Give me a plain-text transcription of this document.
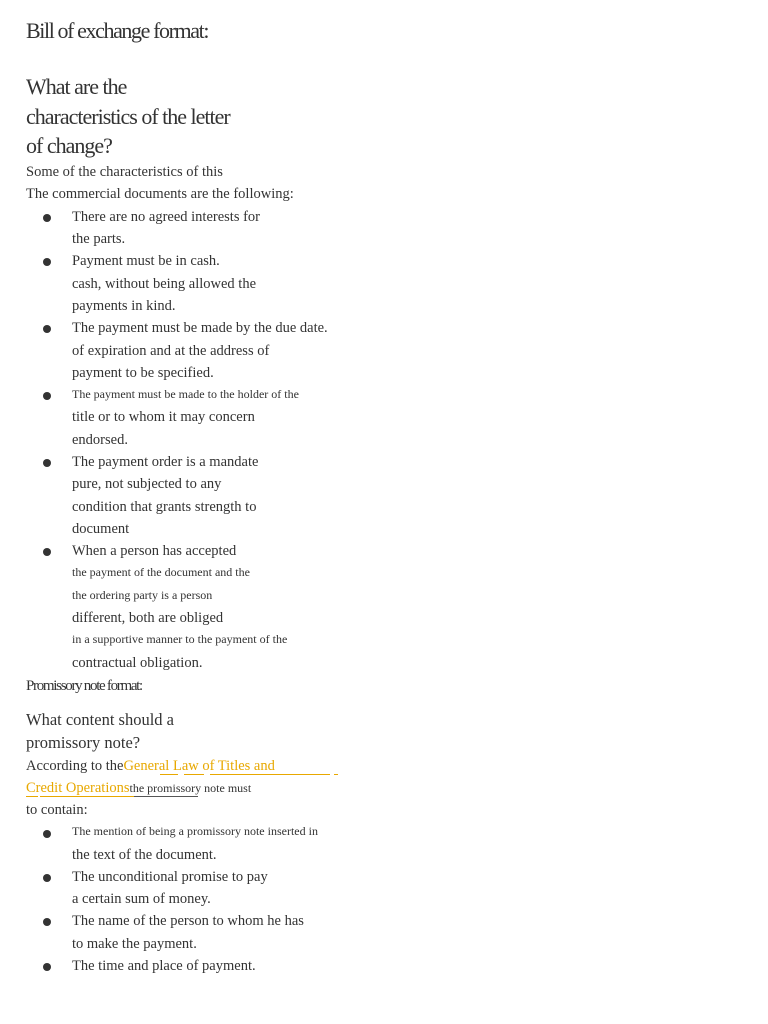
Bill of exchange format:
What are the
characteristics of the letter
of change?
Some of the characteristics of this
The commercial documents are the following:
There are no agreed interests for
the parts.
Payment must be in cash.
cash, without being allowed the
payments in kind.
The payment must be made by the due date.
of expiration and at the address of
payment to be specified.
The payment must be made to the holder of the
title or to whom it may concern
endorsed.
The payment order is a mandate
pure, not subjected to any
condition that grants strength to
document
When a person has accepted
the payment of the document and the
the ordering party is a person
different, both are obliged
in a supportive manner to the payment of the
contractual obligation.
Promissory note format:
What content should a
promissory note?
According to theGeneral Law of Titles and
Credit Operationsthe promissory note must
to contain:
The mention of being a promissory note inserted in
the text of the document.
The unconditional promise to pay
a certain sum of money.
The name of the person to whom he has
to make the payment.
The time and place of payment.
